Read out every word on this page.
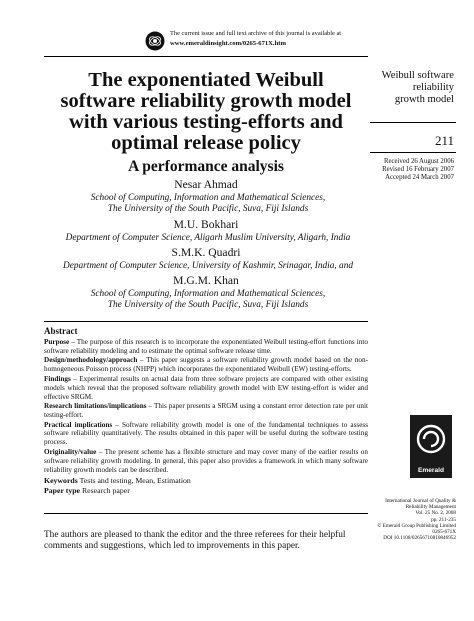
The current issue and full text archive of this journal is available at
www.emeraldinsight.com/0265-671X.htm
The exponentiated Weibull
software reliability growth model
with various testing-efforts and
optimal release policy
A performance analysis
Nesar Ahmad
School of Computing, Information and Mathematical Sciences,
The University of the South Pacific, Suva, Fiji Islands
M.U. Bokhari
Department of Computer Science, Aligarh Muslim University, Aligarh, India
S.M.K. Quadri
Department of Computer Science, University of Kashmir, Srinagar, India, and
M.G.M. Khan
School of Computing, Information and Mathematical Sciences,
The University of the South Pacific, Suva, Fiji Islands
Weibull software
reliability
growth model
211
Received 26 August 2006
Revised 16 February 2007
Accepted 24 March 2007
Abstract

Purpose – The purpose of this research is to incorporate the exponentiated Weibull testing-effort functions into software reliability modeling and to estimate the optimal software release time.

Design/methodology/approach – This paper suggests a software reliability growth model based on the non-homogeneous Poisson process (NHPP) which incorporates the exponentiated Weibull (EW) testing-efforts.

Findings – Experimental results on actual data from three software projects are compared with other existing models which reveal that the proposed software reliability growth model with EW testing-effort is wider and effective SRGM.

Research limitations/implications – This paper presents a SRGM using a constant error detection rate per unit testing-effort.

Practical implications – Software reliability growth model is one of the fundamental techniques to assess software reliability quantitatively. The results obtained in this paper will be useful during the software testing process.

Originality/value – The present scheme has a flexible structure and may cover many of the earlier results on software reliability growth modeling. In general, this paper also provides a framework in which many software reliability growth models can be described.

Keywords Tests and testing, Mean, Estimation

Paper type Research paper

The authors are pleased to thank the editor and the three referees for their helpful comments and suggestions, which led to improvements in this paper.
Emerald
International Journal of Quality &
Reliability Management
Vol. 25 No. 2, 2008
pp. 211-235
© Emerald Group Publishing Limited
0265-671X
DOI 10.1108/02656710810846952
